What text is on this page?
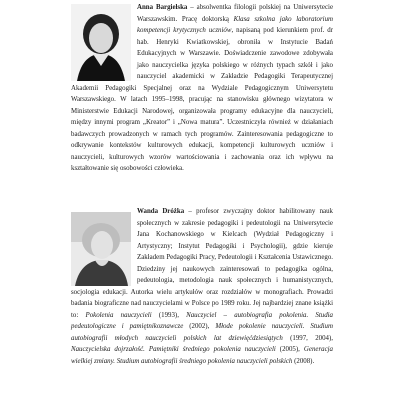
Anna Bargielska – absolwentka filologii polskiej na Uniwersytecie Warszawskim. Pracę doktorską Klasa szkolna jako laboratorium kompetencji krytycznych uczniów, napisaną pod kierunkiem prof. dr hab. Henryki Kwiatkowskiej, obroniła w Instytucie Badań Edukacyjnych w Warszawie. Doświadczenie zawodowe zdobywała jako nauczycielka języka polskiego w różnych typach szkół i jako nauczyciel akademicki w Zakładzie Pedagogiki Terapeutycznej Akademii Pedagogiki Specjalnej oraz na Wydziale Pedagogicznym Uniwersytetu Warszawskiego. W latach 1995–1998, pracując na stanowisku głównego wizytatora w Ministerstwie Edukacji Narodowej, organizowała programy edukacyjne dla nauczycieli, między innymi program „Kreator” i „Nowa matura”. Uczestniczyła również w działaniach badawczych prowadzonych w ramach tych programów. Zainteresowania pedagogiczne to odkrywanie kontekstów kulturowych edukacji, kompetencji kulturowych uczniów i nauczycieli, kulturowych wzorów wartościowania i zachowania oraz ich wpływu na kształtowanie się osobowości człowieka.
Wanda Dróżka – profesor zwyczajny doktor habilitowany nauk społecznych w zakresie pedagogiki i pedeutologii na Uniwersytecie Jana Kochanowskiego w Kielcach (Wydział Pedagogiczny i Artystyczny; Instytut Pedagogiki i Psychologii), gdzie kieruje Zakładem Pedagogiki Pracy, Pedeutologii i Kształcenia Ustawicznego. Dziedziny jej naukowych zainteresowań to pedagogika ogólna, pedeutologia, metodologia nauk społecznych i humanistycznych, socjologia edukacji. Autorka wielu artykułów oraz rozdziałów w monografiach. Prowadzi badania biograficzne nad nauczycielami w Polsce po 1989 roku. Jej najbardziej znane książki to: Pokolenia nauczycieli (1993), Nauczyciel – autobiografia pokolenia. Studia pedeutologiczne i pamiętnikoznawcze (2002), Młode pokolenie nauczycieli. Studium autobiografii młodych nauczycieli polskich lat dziewięćdziesiątych (1997, 2004), Nauczycielska dojrzałość. Pamiętniki średniego pokolenia nauczycieli (2005), Generacja wielkiej zmiany. Studium autobiografii średniego pokolenia nauczycieli polskich (2008).
